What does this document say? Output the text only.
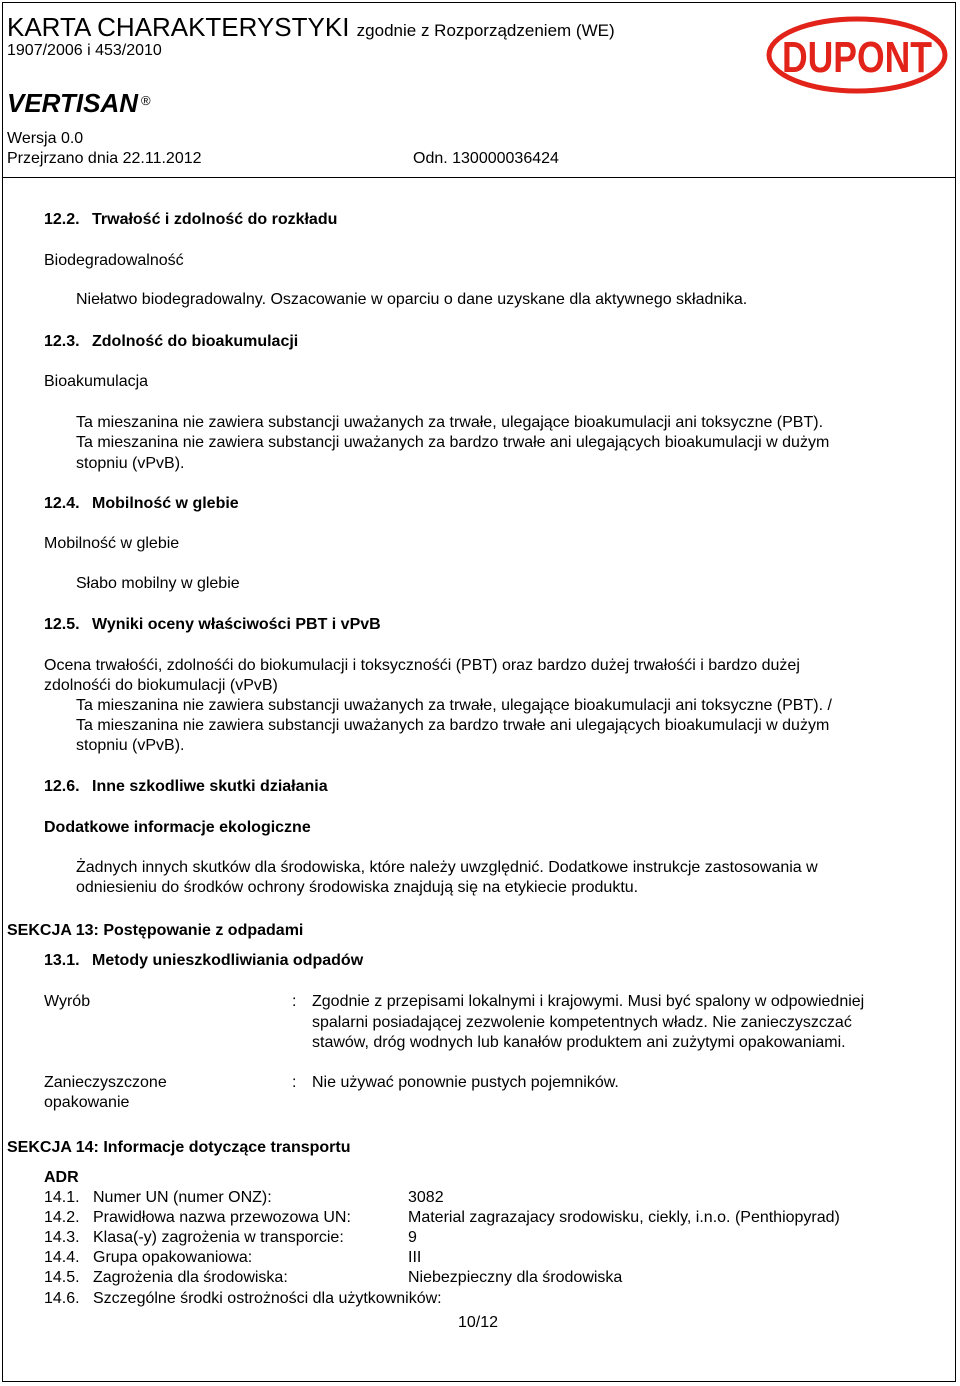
KARTA CHARAKTERYSTYKI zgodnie z Rozporządzeniem (WE)
1907/2006 i 453/2010
VERTISAN ®
Wersja 0.0
Przejrzano dnia 22.11.2012	Odn. 130000036424
DUPONT
12.2. Trwałość i zdolność do rozkładu
Biodegradowalność
Niełatwo biodegradowalny. Oszacowanie w oparciu o dane uzyskane dla aktywnego składnika.
12.3. Zdolność do bioakumulacji
Bioakumulacja
Ta mieszanina nie zawiera substancji uważanych za trwałe, ulegające bioakumulacji ani toksyczne (PBT).
Ta mieszanina nie zawiera substancji uważanych za bardzo trwałe ani ulegających bioakumulacji w dużym
stopniu (vPvB).
12.4. Mobilność w glebie
Mobilność w glebie
Słabo mobilny w glebie
12.5. Wyniki oceny właściwości PBT i vPvB
Ocena trwałośći, zdolnośći do biokumulacji i toksycznośći (PBT) oraz bardzo dużej trwałośći i bardzo dużej
zdolnośći do biokumulacji (vPvB)
Ta mieszanina nie zawiera substancji uważanych za trwałe, ulegające bioakumulacji ani toksyczne (PBT). /
Ta mieszanina nie zawiera substancji uważanych za bardzo trwałe ani ulegających bioakumulacji w dużym
stopniu (vPvB).
12.6. Inne szkodliwe skutki działania
Dodatkowe informacje ekologiczne
Żadnych innych skutków dla środowiska, które należy uwzględnić. Dodatkowe instrukcje zastosowania w
odniesieniu do środków ochrony środowiska znajdują się na etykiecie produktu.
SEKCJA 13: Postępowanie z odpadami
13.1. Metody unieszkodliwiania odpadów
Wyrób	: Zgodnie z przepisami lokalnymi i krajowymi. Musi być spalony w odpowiedniej
spalarni posiadającej zezwolenie kompetentnych władz. Nie zanieczyszczać
stawów, dróg wodnych lub kanałów produktem ani zużytymi opakowaniami.
Zanieczyszczone
opakowanie
: Nie używać ponownie pustych pojemników.
SEKCJA 14: Informacje dotyczące transportu
ADR
14.1. Numer UN (numer ONZ):	3082
14.2. Prawidłowa nazwa przewozowa UN:	Material zagrazajacy srodowisku, ciekly, i.n.o. (Penthiopyrad)
14.3. Klasa(-y) zagrożenia w transporcie:	9
14.4. Grupa opakowaniowa:	III
14.5. Zagrożenia dla środowiska:	Niebezpieczny dla środowiska
14.6. Szczególne środki ostrożności dla użytkowników:
10/12
